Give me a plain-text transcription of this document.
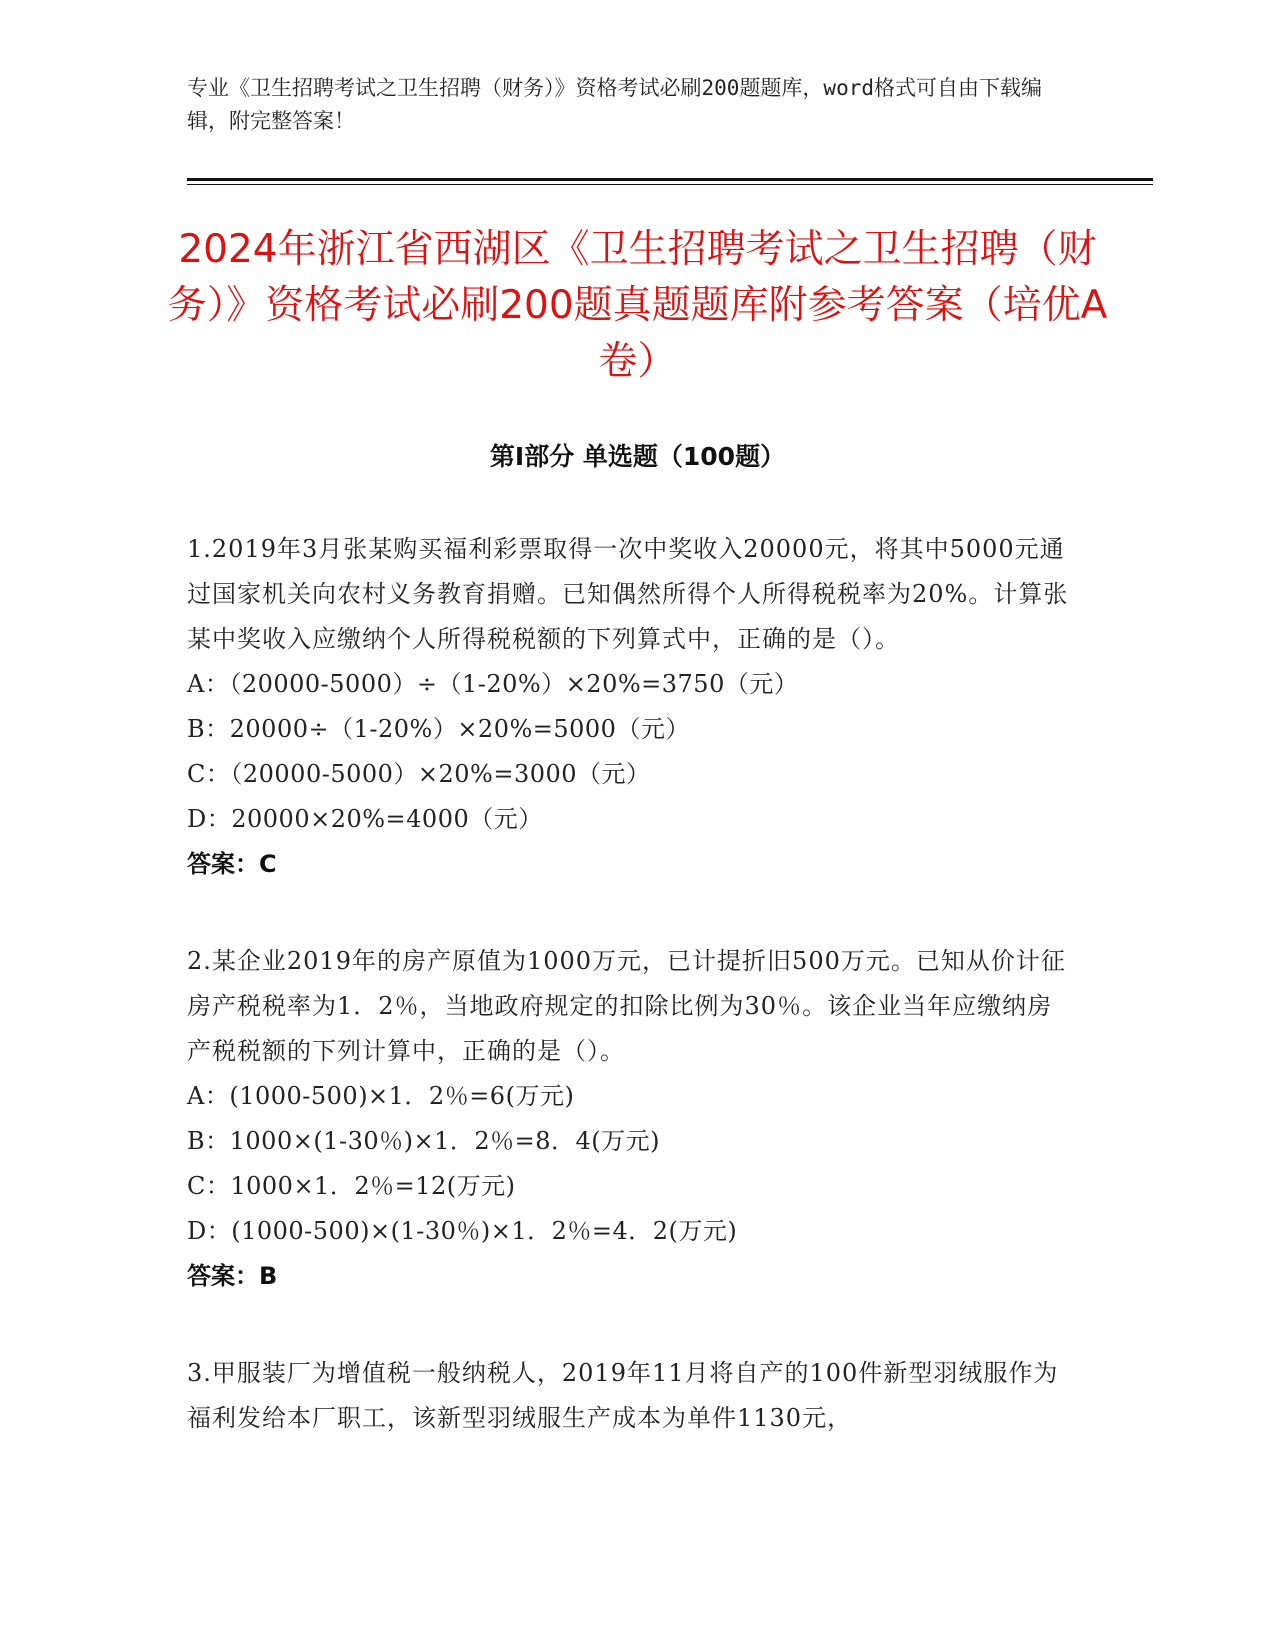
专业《卫生招聘考试之卫生招聘（财务）》资格考试必刷200题题库，word格式可自由下载编辑，附完整答案！
2024年浙江省西湖区《卫生招聘考试之卫生招聘（财务）》资格考试必刷200题真题题库附参考答案（培优A卷）
第Ⅰ部分 单选题（100题）
1.2019年3月张某购买福利彩票取得一次中奖收入20000元，将其中5000元通过国家机关向农村义务教育捐赠。已知偶然所得个人所得税税率为20%。计算张某中奖收入应缴纳个人所得税税额的下列算式中，正确的是（）。
A：（20000-5000）÷（1-20%）×20%=3750（元）
B：20000÷（1-20%）×20%=5000（元）
C：（20000-5000）×20%=3000（元）
D：20000×20%=4000（元）
答案：C
2.某企业2019年的房产原值为1000万元，已计提折旧500万元。已知从价计征房产税税率为1．2％，当地政府规定的扣除比例为30％。该企业当年应缴纳房产税税额的下列计算中，正确的是（）。
A：(1000-500)×1．2％=6(万元)
B：1000×(1-30％)×1．2％=8．4(万元)
C：1000×1．2％=12(万元)
D：(1000-500)×(1-30％)×1．2％=4．2(万元)
答案：B
3.甲服装厂为增值税一般纳税人，2019年11月将自产的100件新型羽绒服作为福利发给本厂职工，该新型羽绒服生产成本为单件1130元，
